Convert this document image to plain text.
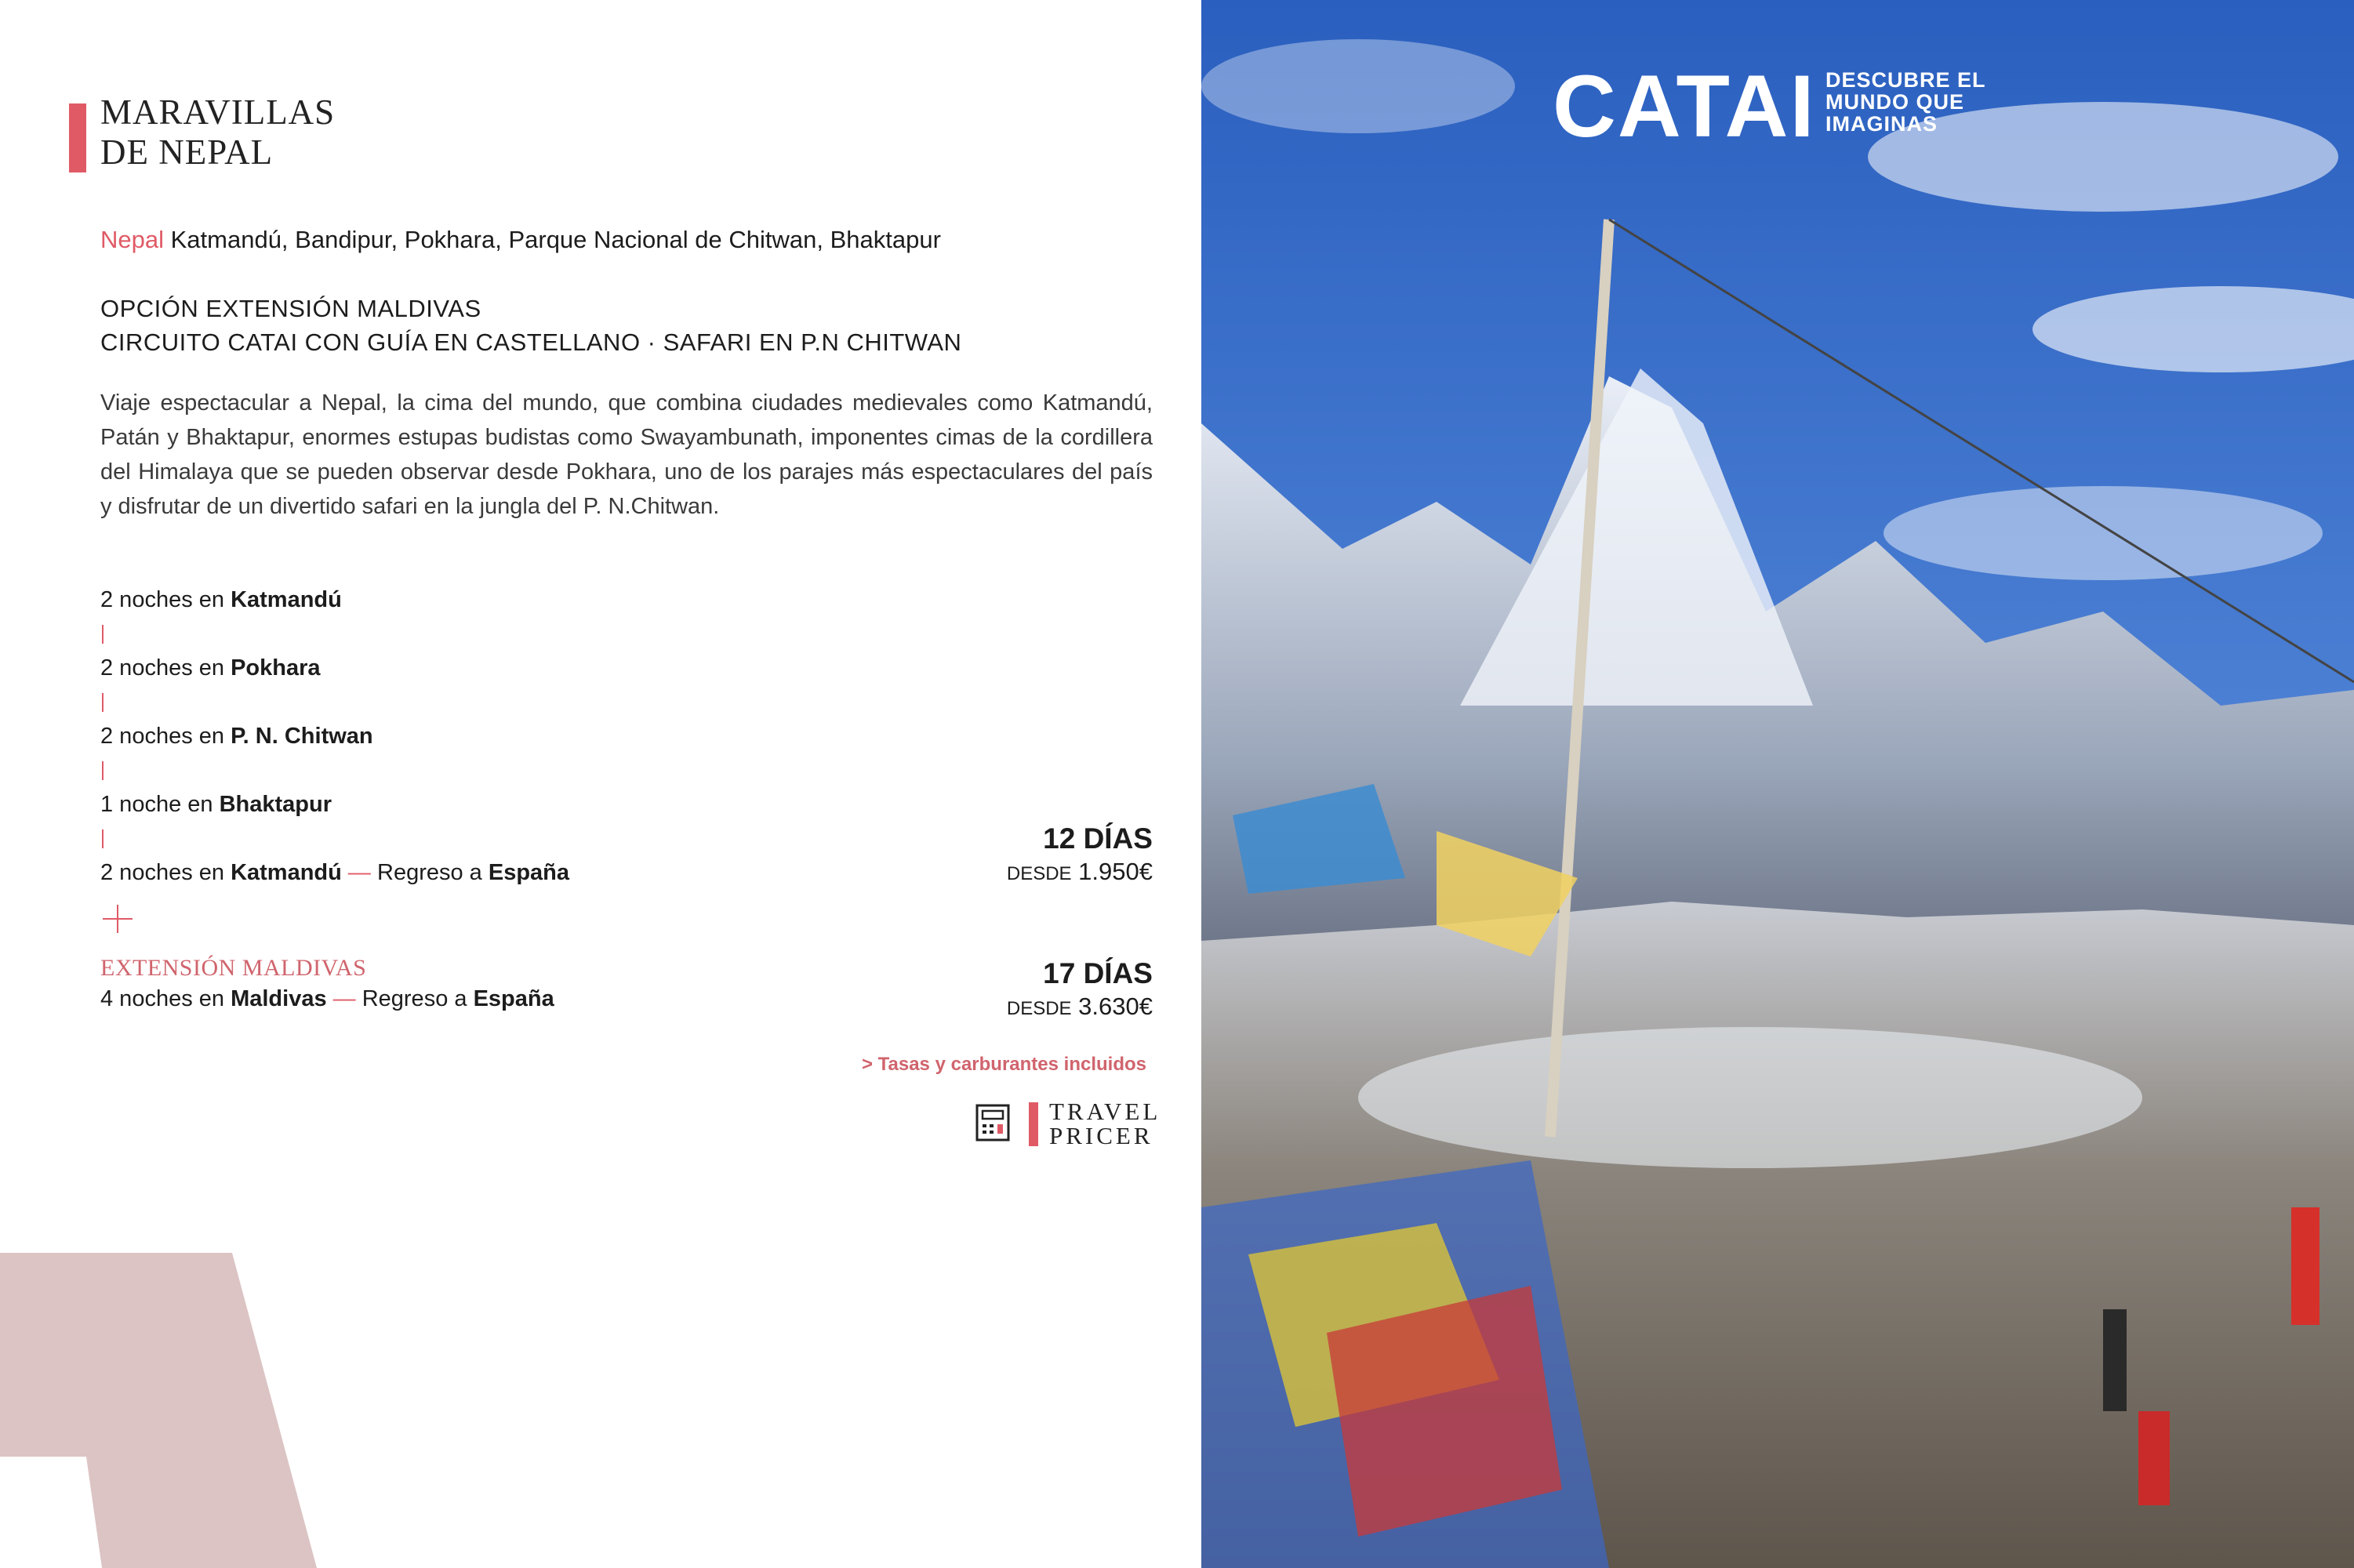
MARAVILLAS
DE NEPAL
Nepal Katmandú, Bandipur, Pokhara, Parque Nacional de Chitwan, Bhaktapur
OPCIÓN EXTENSIÓN MALDIVAS
CIRCUITO CATAI CON GUÍA EN CASTELLANO · SAFARI EN P.N CHITWAN
Viaje espectacular a Nepal, la cima del mundo, que combina ciudades medievales como Katmandú, Patán y Bhaktapur, enormes estupas budistas como Swayambunath, imponentes cimas de la cordillera del Himalaya que se pueden observar desde Pokhara, uno de los parajes más espectaculares del país y disfrutar de un divertido safari en la jungla del P. N.Chitwan.
2 noches en Katmandú
2 noches en Pokhara
2 noches en P. N. Chitwan
1 noche en Bhaktapur
2 noches en Katmandú — Regreso a España
EXTENSIÓN MALDIVAS
4 noches en Maldivas — Regreso a España
12 DÍAS
DESDE 1.950€
17 DÍAS
DESDE 3.630€
> Tasas y carburantes incluidos
TRAVEL
PRICER
CATAI DESCUBRE EL
MUNDO QUE
IMAGINAS
